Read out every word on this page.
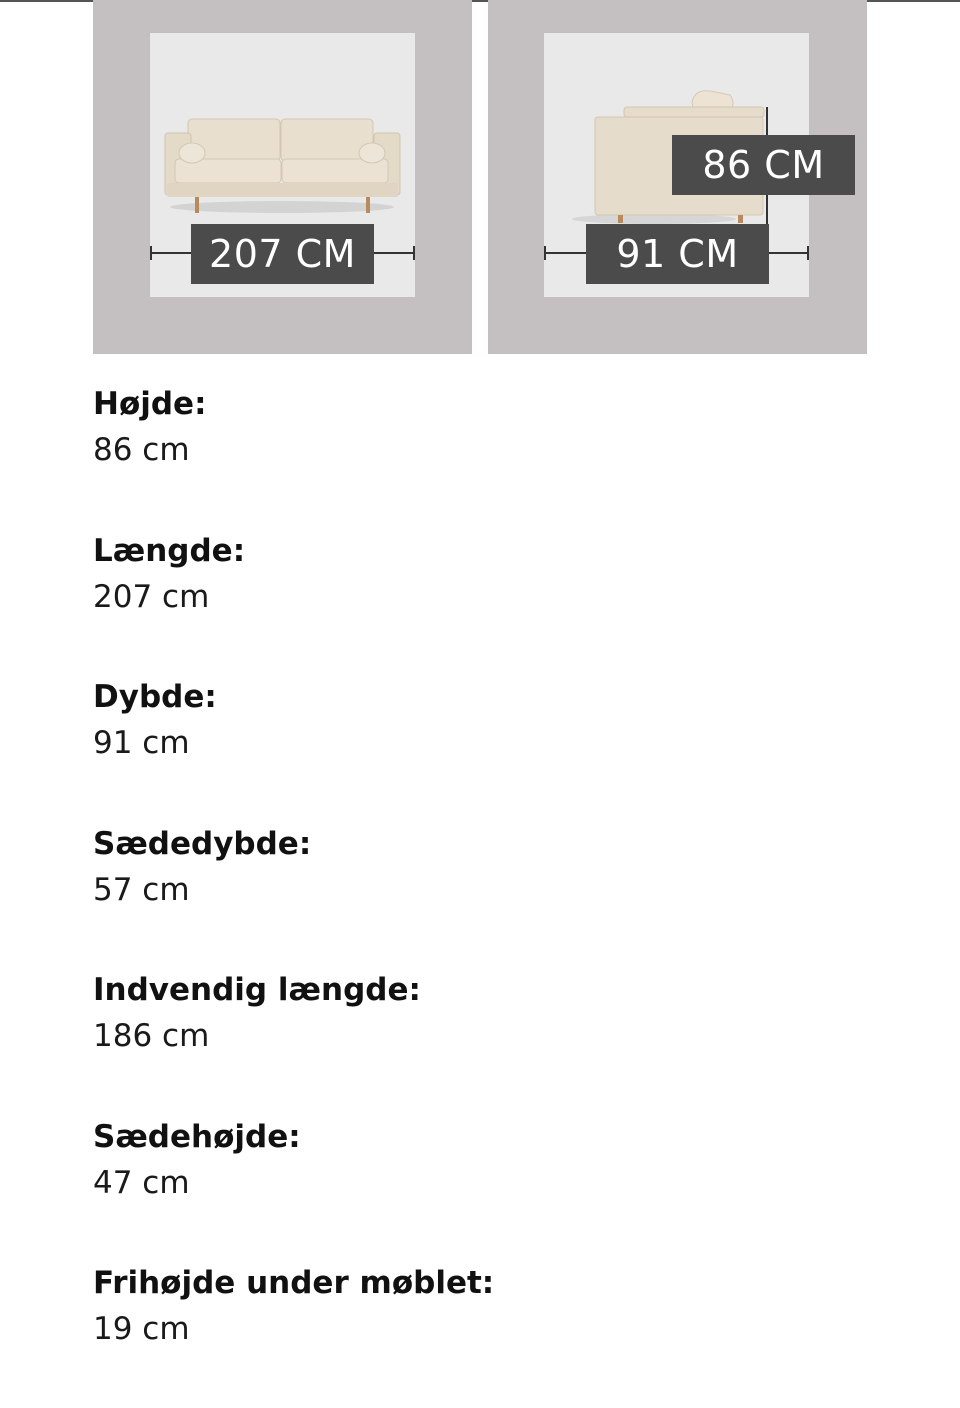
207 CM
86 CM
91 CM

Højde:

86 cm

Længde:

207 cm

Dybde:

91 cm

Sædedybde:

57 cm

Indvendig længde:

186 cm

Sædehøjde:

47 cm

Frihøjde under møblet:

19 cm
